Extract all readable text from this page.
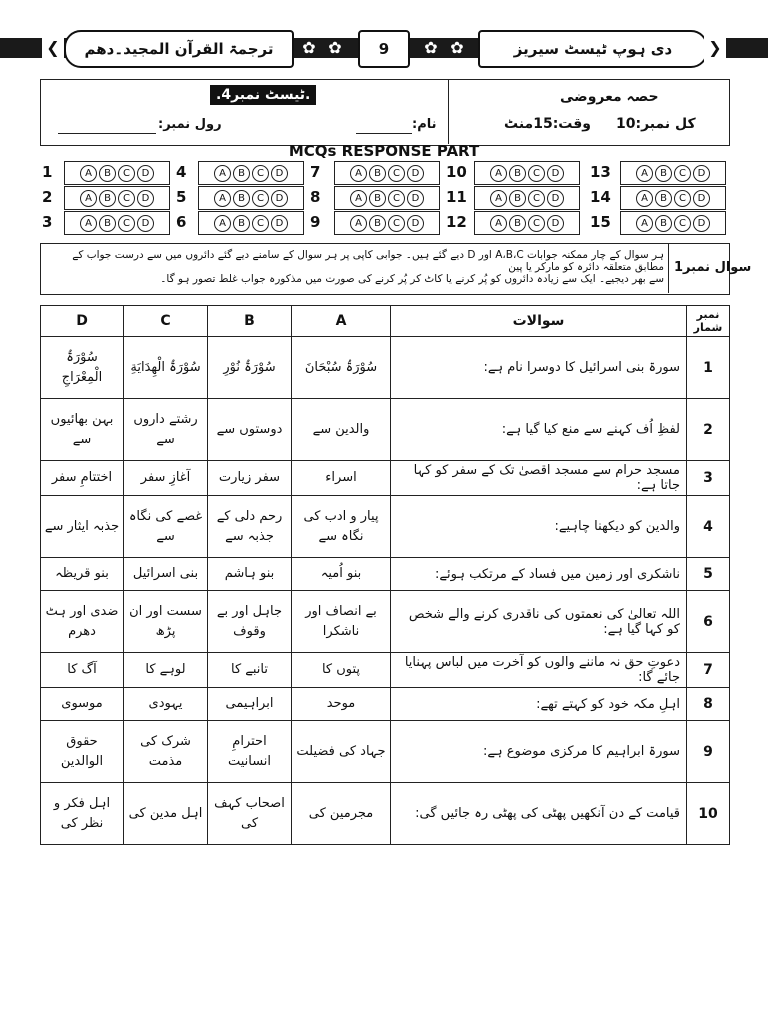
❮	ترجمۃ القرآن المجید۔دھم	✿ ✿	9	✿ ✿	دی ہوپ ٹیسٹ سیریز	❯
حصہ معروضی
کل نمبر:10
وقت:15منٹ
.ٹیسٹ نمبر4.
نام:
رول نمبر:
MCQs RESPONSE PART
1	A	B	C	D
2	A	B	C	D
3	A	B	C	D
4	A	B	C	D
5	A	B	C	D
6	A	B	C	D
7	A	B	C	D
8	A	B	C	D
9	A	B	C	D
10	A	B	C	D
11	A	B	C	D
12	A	B	C	D
13	A	B	C	D
14	A	B	C	D
15	A	B	C	D
سوال نمبر1
ہر سوال کے چار ممکنہ جوابات A،B،C اور D دیے گئے ہیں۔ جوابی کاپی پر ہر سوال کے سامنے دیے گئے دائروں میں سے درست جواب کے مطابق متعلقہ دائرہ کو مارکر یا پین
سے بھر دیجیے۔ ایک سے زیادہ دائروں کو پُر کرنے یا کاٹ کر پُر کرنے کی صورت میں مذکورہ جواب غلط تصور ہو گا۔
D	C	B	A	سوالات	نمبر شمار
سُوْرَۃُ الْمِعْرَاجِ	سُوْرَۃُ الْهِدَايَةِ	سُوْرَۃُ نُوْرِ	سُوْرَۃُ سُبْحَانَ	سورۃ بنی اسرائیل کا دوسرا نام ہے:	1
بہن بھائیوں سے	رشتے داروں سے	دوستوں سے	والدین سے	لفظِ اُف کہنے سے منع کیا گیا ہے:	2
اختتامِ سفر	آغازِ سفر	سفر زیارت	اسراء	مسجد حرام سے مسجد اقصیٰ تک کے سفر کو کہا جاتا ہے:	3
جذبہ ایثار سے	غصے کی نگاہ سے	رحم دلی کے جذبہ سے	پیار و ادب کی نگاہ سے	والدین کو دیکھنا چاہیے:	4
بنو قریظہ	بنی اسرائیل	بنو ہاشم	بنو اُمیہ	ناشکری اور زمین میں فساد کے مرتکب ہوئے:	5
ضدی اور ہٹ دھرم	سست اور ان پڑھ	جاہل اور بے وقوف	بے انصاف اور ناشکرا	اللہ تعالیٰ کی نعمتوں کی ناقدری کرنے والے شخص کو کہا گیا ہے:	6
آگ کا	لوہے کا	تانبے کا	پتوں کا	دعوتِ حق نہ ماننے والوں کو آخرت میں لباس پہنایا جائے گا:	7
موسوی	یہودی	ابراہیمی	موحد	اہلِ مکہ خود کو کہتے تھے:	8
حقوق الوالدین	شرک کی مذمت	احترامِ انسانیت	جہاد کی فضیلت	سورۃ ابراہیم کا مرکزی موضوع ہے:	9
اہل فکر و نظر کی	اہل مدین کی	اصحاب کہف کی	مجرمین کی	قیامت کے دن آنکھیں پھٹی کی پھٹی رہ جائیں گی:	10
